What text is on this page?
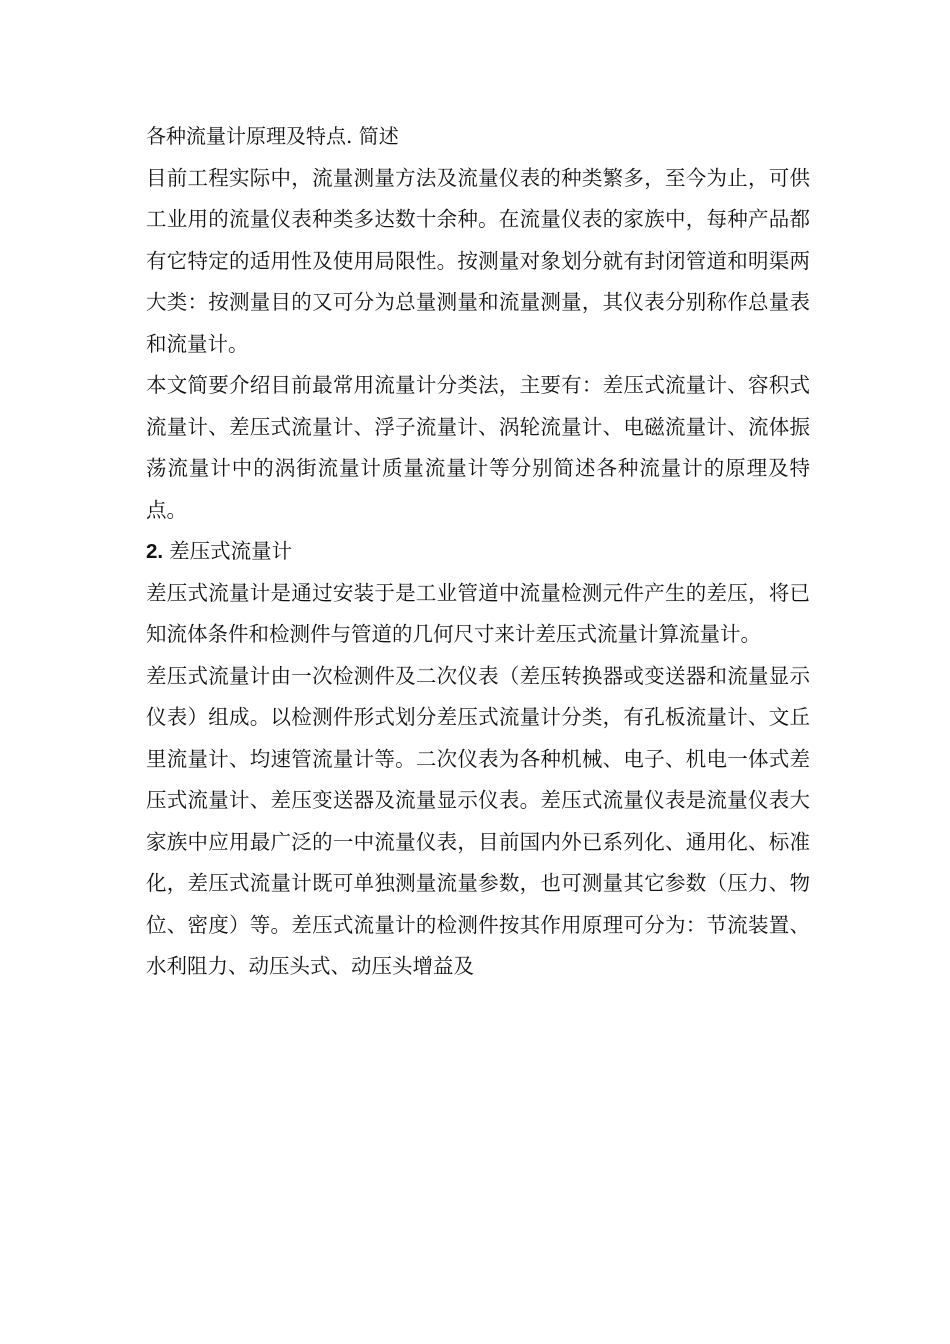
各种流量计原理及特点. 简述

目前工程实际中，流量测量方法及流量仪表的种类繁多，至今为止，可供工业用的流量仪表种类多达数十余种。在流量仪表的家族中，每种产品都有它特定的适用性及使用局限性。按测量对象划分就有封闭管道和明渠两大类：按测量目的又可分为总量测量和流量测量，其仪表分别称作总量表和流量计。

本文简要介绍目前最常用流量计分类法，主要有：差压式流量计、容积式流量计、差压式流量计、浮子流量计、涡轮流量计、电磁流量计、流体振荡流量计中的涡街流量计质量流量计等分别简述各种流量计的原理及特点。

2. 差压式流量计

差压式流量计是通过安装于是工业管道中流量检测元件产生的差压，将已知流体条件和检测件与管道的几何尺寸来计差压式流量计算流量计。

差压式流量计由一次检测件及二次仪表（差压转换器或变送器和流量显示仪表）组成。以检测件形式划分差压式流量计分类，有孔板流量计、文丘里流量计、均速管流量计等。二次仪表为各种机械、电子、机电一体式差压式流量计、差压变送器及流量显示仪表。差压式流量仪表是流量仪表大家族中应用最广泛的一中流量仪表，目前国内外已系列化、通用化、标准化，差压式流量计既可单独测量流量参数，也可测量其它参数（压力、物位、密度）等。差压式流量计的检测件按其作用原理可分为：节流装置、水利阻力、动压头式、动压头增益及
